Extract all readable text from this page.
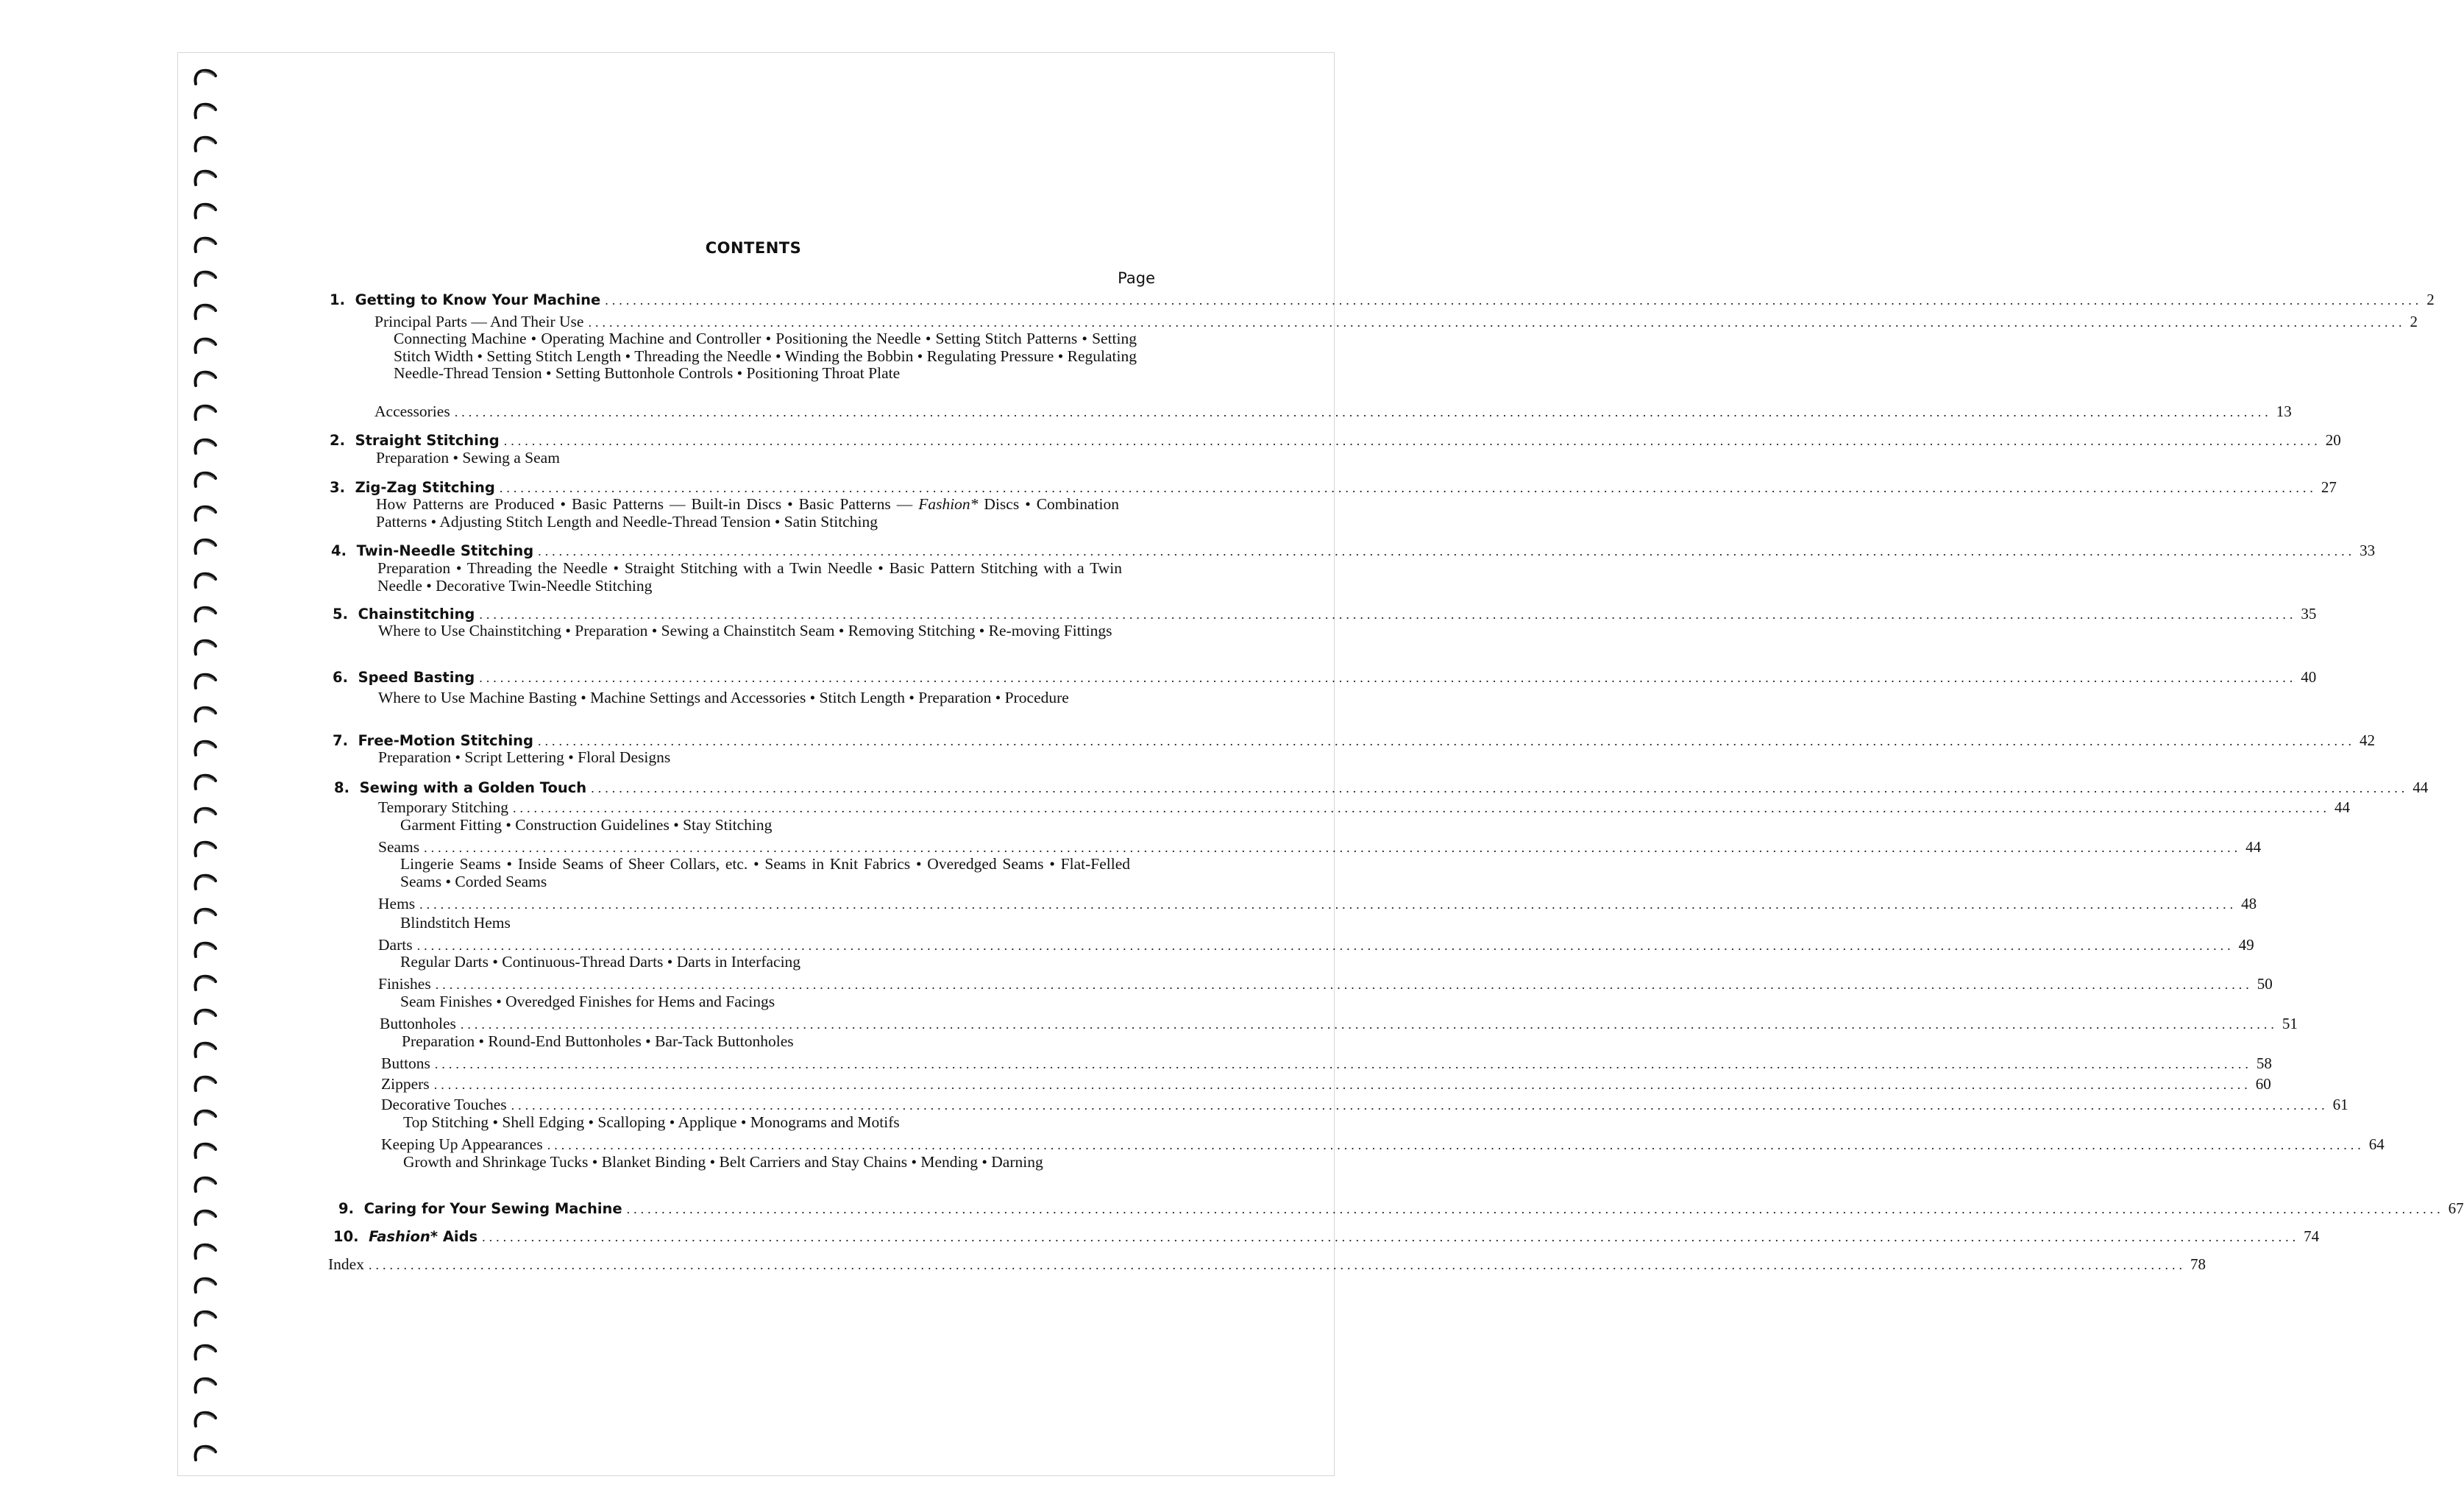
CONTENTS
Page
1. Getting to Know Your Machine .................................................................................................................................................................................................................................................................... 2
Principal Parts — And Their Use .................................................................................................................................................................................................................................................................... 2
Connecting Machine • Operating Machine and Controller • Positioning the Needle • Setting Stitch Patterns • Setting Stitch Width • Setting Stitch Length • Threading the Needle • Winding the Bobbin • Regulating Pressure • Regulating Needle-Thread Tension • Setting Buttonhole Controls • Positioning Throat Plate
Accessories .................................................................................................................................................................................................................................................................... 13
2. Straight Stitching .................................................................................................................................................................................................................................................................... 20
Preparation • Sewing a Seam
3. Zig-Zag Stitching .................................................................................................................................................................................................................................................................... 27
How Patterns are Produced • Basic Patterns — Built-in Discs • Basic Patterns — Fashion* Discs • Combination Patterns • Adjusting Stitch Length and Needle-Thread Tension • Satin Stitching
4. Twin-Needle Stitching .................................................................................................................................................................................................................................................................... 33
Preparation • Threading the Needle • Straight Stitching with a Twin Needle • Basic Pattern Stitching with a Twin Needle • Decorative Twin-Needle Stitching
5. Chainstitching .................................................................................................................................................................................................................................................................... 35
Where to Use Chainstitching • Preparation • Sewing a Chainstitch Seam • Removing Stitching • Re-moving Fittings
6. Speed Basting .................................................................................................................................................................................................................................................................... 40
Where to Use Machine Basting • Machine Settings and Accessories • Stitch Length • Preparation • Procedure
7. Free-Motion Stitching .................................................................................................................................................................................................................................................................... 42
Preparation • Script Lettering • Floral Designs
8. Sewing with a Golden Touch .................................................................................................................................................................................................................................................................... 44
Temporary Stitching .................................................................................................................................................................................................................................................................... 44
Garment Fitting • Construction Guidelines • Stay Stitching
Seams .................................................................................................................................................................................................................................................................... 44
Lingerie Seams • Inside Seams of Sheer Collars, etc. • Seams in Knit Fabrics • Overedged Seams • Flat-Felled Seams • Corded Seams
Hems .................................................................................................................................................................................................................................................................... 48
Blindstitch Hems
Darts .................................................................................................................................................................................................................................................................... 49
Regular Darts • Continuous-Thread Darts • Darts in Interfacing
Finishes .................................................................................................................................................................................................................................................................... 50
Seam Finishes • Overedged Finishes for Hems and Facings
Buttonholes .................................................................................................................................................................................................................................................................... 51
Preparation • Round-End Buttonholes • Bar-Tack Buttonholes
Buttons .................................................................................................................................................................................................................................................................... 58
Zippers .................................................................................................................................................................................................................................................................... 60
Decorative Touches .................................................................................................................................................................................................................................................................... 61
Top Stitching • Shell Edging • Scalloping • Applique • Monograms and Motifs
Keeping Up Appearances .................................................................................................................................................................................................................................................................... 64
Growth and Shrinkage Tucks • Blanket Binding • Belt Carriers and Stay Chains • Mending • Darning
9. Caring for Your Sewing Machine .................................................................................................................................................................................................................................................................... 67
10. Fashion* Aids .................................................................................................................................................................................................................................................................... 74
Index .................................................................................................................................................................................................................................................................... 78
